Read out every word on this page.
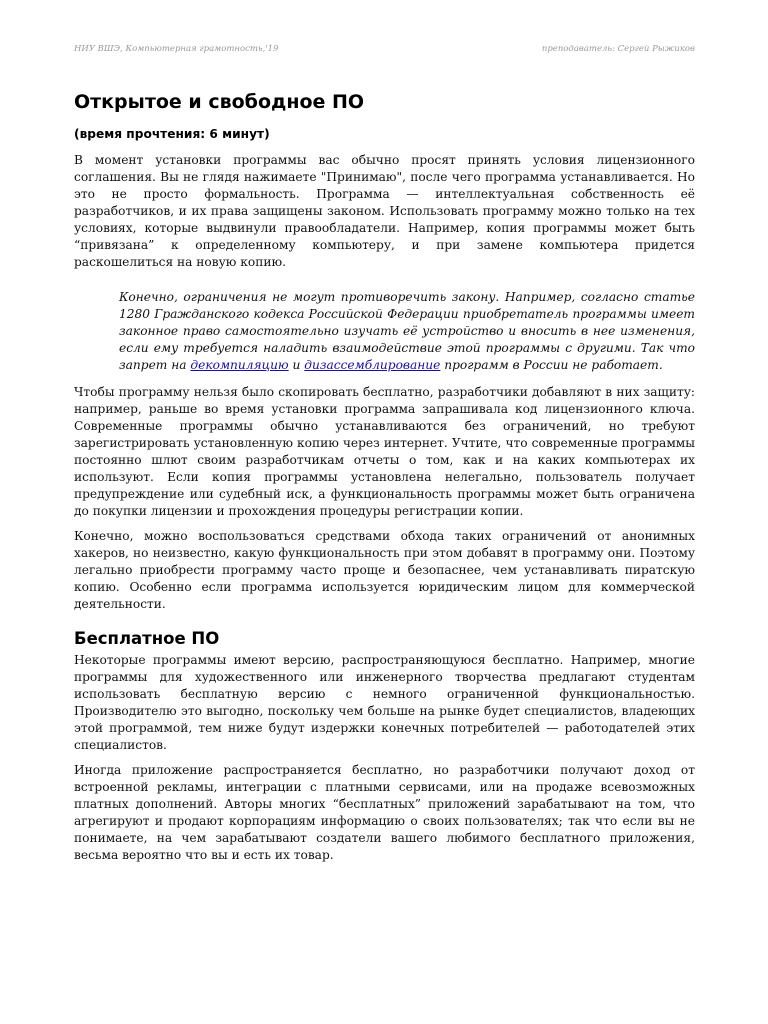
НИУ ВШЭ, Компьютерная грамотность,'19	преподаватель: Сергей Рыжиков
Открытое и свободное ПО
(время прочтения: 6 минут)

В момент установки программы вас обычно просят принять условия лицензионного соглашения. Вы не глядя нажимаете "Принимаю", после чего программа устанавливается. Но это не просто формальность. Программа — интеллектуальная собственность её разработчиков, и их права защищены законом. Использовать программу можно только на тех условиях, которые выдвинули правообладатели. Например, копия программы может быть “привязана” к определенному компьютеру, и при замене компьютера придется раскошелиться на новую копию.

Конечно, ограничения не могут противоречить закону. Например, согласно статье 1280 Гражданского кодекса Российской Федерации приобретатель программы имеет законное право самостоятельно изучать её устройство и вносить в нее изменения, если ему требуется наладить взаимодействие этой программы с другими. Так что запрет на декомпиляцию и дизассемблирование программ в России не работает.

Чтобы программу нельзя было скопировать бесплатно, разработчики добавляют в них защиту: например, раньше во время установки программа запрашивала код лицензионного ключа. Современные программы обычно устанавливаются без ограничений, но требуют зарегистрировать установленную копию через интернет. Учтите, что современные программы постоянно шлют своим разработчикам отчеты о том, как и на каких компьютерах их используют. Если копия программы установлена нелегально, пользователь получает предупреждение или судебный иск, а функциональность программы может быть ограничена до покупки лицензии и прохождения процедуры регистрации копии.

Конечно, можно воспользоваться средствами обхода таких ограничений от анонимных хакеров, но неизвестно, какую функциональность при этом добавят в программу они. Поэтому легально приобрести программу часто проще и безопаснее, чем устанавливать пиратскую копию. Особенно если программа используется юридическим лицом для коммерческой деятельности.

Бесплатное ПО

Некоторые программы имеют версию, распространяющуюся бесплатно. Например, многие программы для художественного или инженерного творчества предлагают студентам использовать бесплатную версию с немного ограниченной функциональностью. Производителю это выгодно, поскольку чем больше на рынке будет специалистов, владеющих этой программой, тем ниже будут издержки конечных потребителей — работодателей этих специалистов.

Иногда приложение распространяется бесплатно, но разработчики получают доход от встроенной рекламы, интеграции с платными сервисами, или на продаже всевозможных платных дополнений. Авторы многих “бесплатных” приложений зарабатывают на том, что агрегируют и продают корпорациям информацию о своих пользователях; так что если вы не понимаете, на чем зарабатывают создатели вашего любимого бесплатного приложения, весьма вероятно что вы и есть их товар.
